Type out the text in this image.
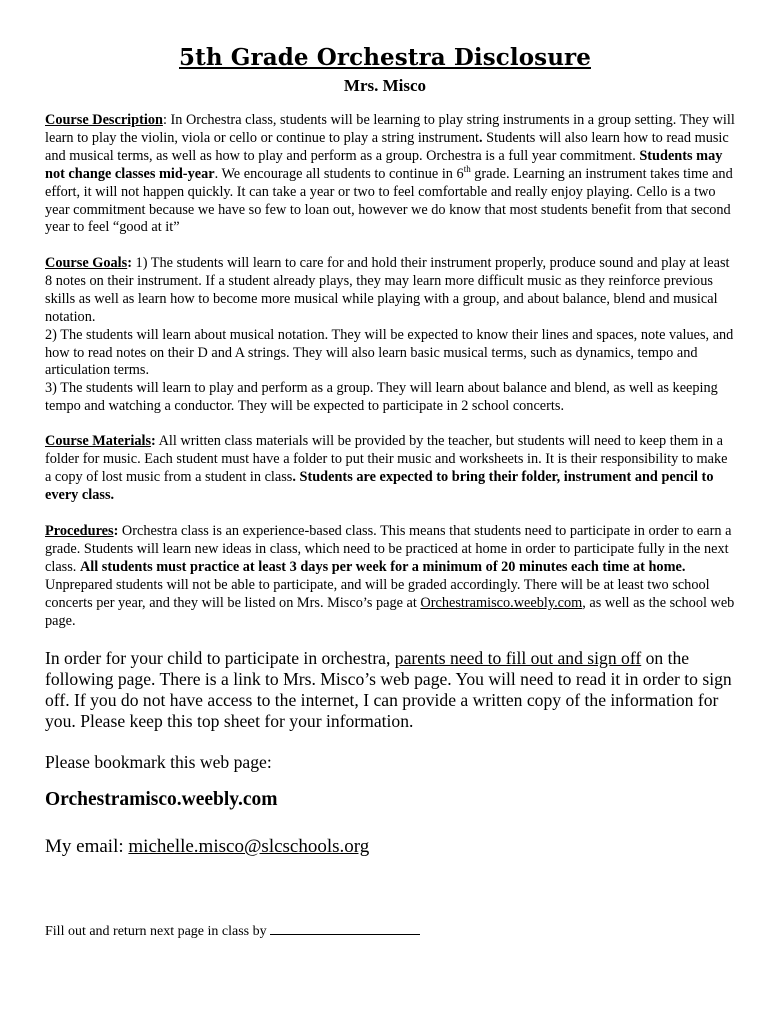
5th Grade Orchestra Disclosure
Mrs. Misco
Course Description: In Orchestra class, students will be learning to play string instruments in a group setting. They will learn to play the violin, viola or cello or continue to play a string instrument. Students will also learn how to read music and musical terms, as well as how to play and perform as a group. Orchestra is a full year commitment. Students may not change classes mid-year. We encourage all students to continue in 6th grade. Learning an instrument takes time and effort, it will not happen quickly. It can take a year or two to feel comfortable and really enjoy playing. Cello is a two year commitment because we have so few to loan out, however we do know that most students benefit from that second year to feel “good at it”
Course Goals: 1) The students will learn to care for and hold their instrument properly, produce sound and play at least 8 notes on their instrument. If a student already plays, they may learn more difficult music as they reinforce previous skills as well as learn how to become more musical while playing with a group, and about balance, blend and musical notation.
2) The students will learn about musical notation. They will be expected to know their lines and spaces, note values, and how to read notes on their D and A strings. They will also learn basic musical terms, such as dynamics, tempo and articulation terms.
3) The students will learn to play and perform as a group. They will learn about balance and blend, as well as keeping tempo and watching a conductor. They will be expected to participate in 2 school concerts.
Course Materials: All written class materials will be provided by the teacher, but students will need to keep them in a folder for music. Each student must have a folder to put their music and worksheets in. It is their responsibility to make a copy of lost music from a student in class. Students are expected to bring their folder, instrument and pencil to every class.
Procedures: Orchestra class is an experience-based class. This means that students need to participate in order to earn a grade. Students will learn new ideas in class, which need to be practiced at home in order to participate fully in the next class. All students must practice at least 3 days per week for a minimum of 20 minutes each time at home. Unprepared students will not be able to participate, and will be graded accordingly. There will be at least two school concerts per year, and they will be listed on Mrs. Misco’s page at Orchestramisco.weebly.com, as well as the school web page.
In order for your child to participate in orchestra, parents need to fill out and sign off on the following page. There is a link to Mrs. Misco’s web page. You will need to read it in order to sign off. If you do not have access to the internet, I can provide a written copy of the information for you. Please keep this top sheet for your information.
Please bookmark this web page:
Orchestramisco.weebly.com
My email: michelle.misco@slcschools.org
Fill out and return next page in class by
